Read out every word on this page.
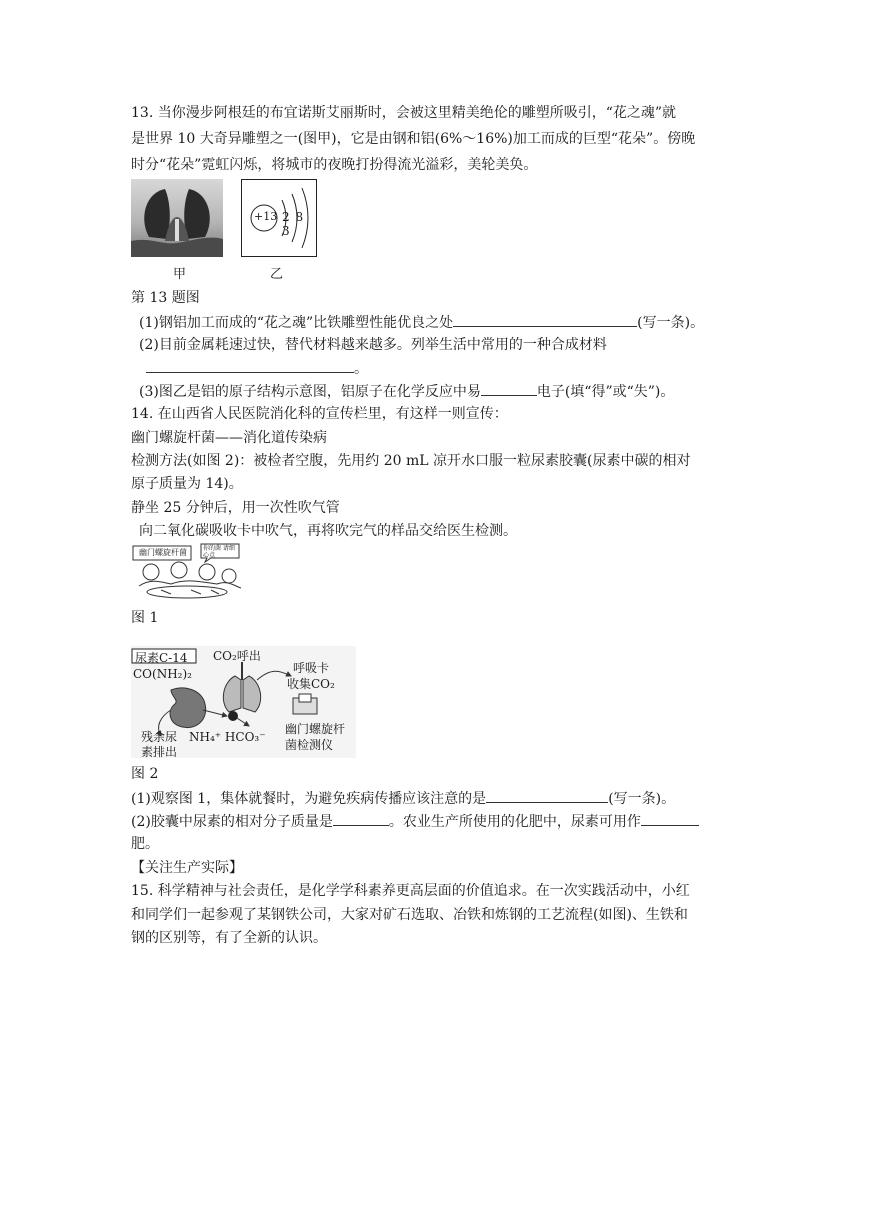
13. 当你漫步阿根廷的布宜诺斯艾丽斯时，会被这里精美绝伦的雕塑所吸引，“花之魂”就
是世界 10 大奇异雕塑之一(图甲)，它是由钢和铝(6%～16%)加工而成的巨型“花朵”。傍晚
时分“花朵”霓虹闪烁，将城市的夜晚打扮得流光溢彩，美轮美奂。
甲
+13 2 8 3
乙
第 13 题图
(1)钢铝加工而成的“花之魂”比铁雕塑性能优良之处	(写一条)。
(2)目前金属耗速过快，替代材料越来越多。列举生活中常用的一种合成材料
。
(3)图乙是铝的原子结构示意图，铝原子在化学反应中易	电子(填“得”或“失”)。
14. 在山西省人民医院消化科的宣传栏里，有这样一则宣传：
幽门螺旋杆菌——消化道传染病
检测方法(如图 2)：被检者空腹，先用约 20 mL 凉开水口服一粒尿素胶囊(尿素中碳的相对
原子质量为 14)。
静坐 25 分钟后，用一次性吹气管
向二氧化碳吸收卡中吹气，再将吹完气的样品交给医生检测。
幽门螺旋杆菌	你的菌 请细心点
图 1
尿素C-14
CO(NH₂)₂
CO₂呼出
呼吸卡
收集CO₂
残余尿
素排出
NH₄⁺ HCO₃⁻
幽门螺旋杆
菌检测仪
图 2
(1)观察图 1，集体就餐时，为避免疾病传播应该注意的是	(写一条)。
(2)胶囊中尿素的相对分子质量是	。农业生产所使用的化肥中，尿素可用作
肥。
【关注生产实际】
15. 科学精神与社会责任，是化学学科素养更高层面的价值追求。在一次实践活动中，小红
和同学们一起参观了某钢铁公司，大家对矿石选取、冶铁和炼钢的工艺流程(如图)、生铁和
钢的区别等，有了全新的认识。
